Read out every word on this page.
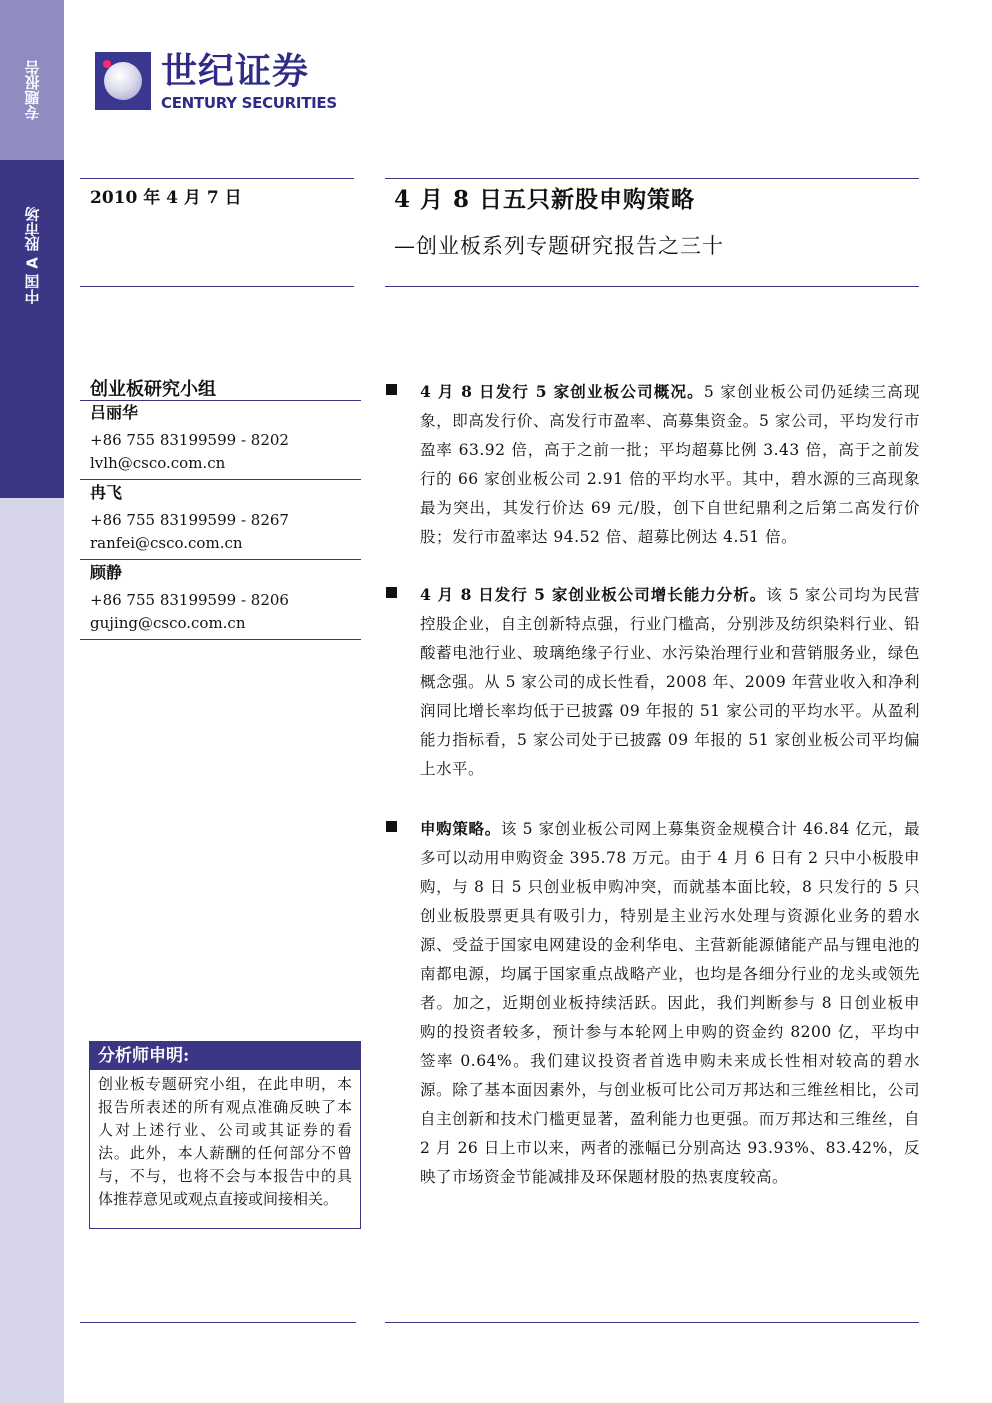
专题报告
中国 A 股市场
世纪证券
CENTURY SECURITIES
2010 年 4 月 7 日	4 月 8 日五只新股申购策略
—创业板系列专题研究报告之三十
创业板研究小组
吕丽华
+86 755 83199599 - 8202
lvlh@csco.com.cn
冉飞
+86 755 83199599 - 8267
ranfei@csco.com.cn
顾静
+86 755 83199599 - 8206
gujing@csco.com.cn
分析师申明:
创业板专题研究小组，在此申明，本报告所表述的所有观点准确反映了本人对上述行业、公司或其证券的看法。此外，本人薪酬的任何部分不曾与，不与，也将不会与本报告中的具体推荐意见或观点直接或间接相关。
4 月 8 日发行 5 家创业板公司概况。5 家创业板公司仍延续三高现象，即高发行价、高发行市盈率、高募集资金。5 家公司，平均发行市盈率 63.92 倍，高于之前一批；平均超募比例 3.43 倍，高于之前发行的 66 家创业板公司 2.91 倍的平均水平。其中，碧水源的三高现象最为突出，其发行价达 69 元/股，创下自世纪鼎利之后第二高发行价股；发行市盈率达 94.52 倍、超募比例达 4.51 倍。
4 月 8 日发行 5 家创业板公司增长能力分析。该 5 家公司均为民营控股企业，自主创新特点强，行业门槛高，分别涉及纺织染料行业、铅酸蓄电池行业、玻璃绝缘子行业、水污染治理行业和营销服务业，绿色概念强。从 5 家公司的成长性看，2008 年、2009 年营业收入和净利润同比增长率均低于已披露 09 年报的 51 家公司的平均水平。从盈利能力指标看，5 家公司处于已披露 09 年报的 51 家创业板公司平均偏上水平。
申购策略。该 5 家创业板公司网上募集资金规模合计 46.84 亿元，最多可以动用申购资金 395.78 万元。由于 4 月 6 日有 2 只中小板股申购，与 8 日 5 只创业板申购冲突，而就基本面比较，8 只发行的 5 只创业板股票更具有吸引力，特别是主业污水处理与资源化业务的碧水源、受益于国家电网建设的金利华电、主营新能源储能产品与锂电池的南都电源，均属于国家重点战略产业，也均是各细分行业的龙头或领先者。加之，近期创业板持续活跃。因此，我们判断参与 8 日创业板申购的投资者较多，预计参与本轮网上申购的资金约 8200 亿，平均中签率 0.64%。我们建议投资者首选申购未来成长性相对较高的碧水源。除了基本面因素外，与创业板可比公司万邦达和三维丝相比，公司自主创新和技术门槛更显著，盈利能力也更强。而万邦达和三维丝，自 2 月 26 日上市以来，两者的涨幅已分别高达 93.93%、83.42%，反映了市场资金节能减排及环保题材股的热衷度较高。
